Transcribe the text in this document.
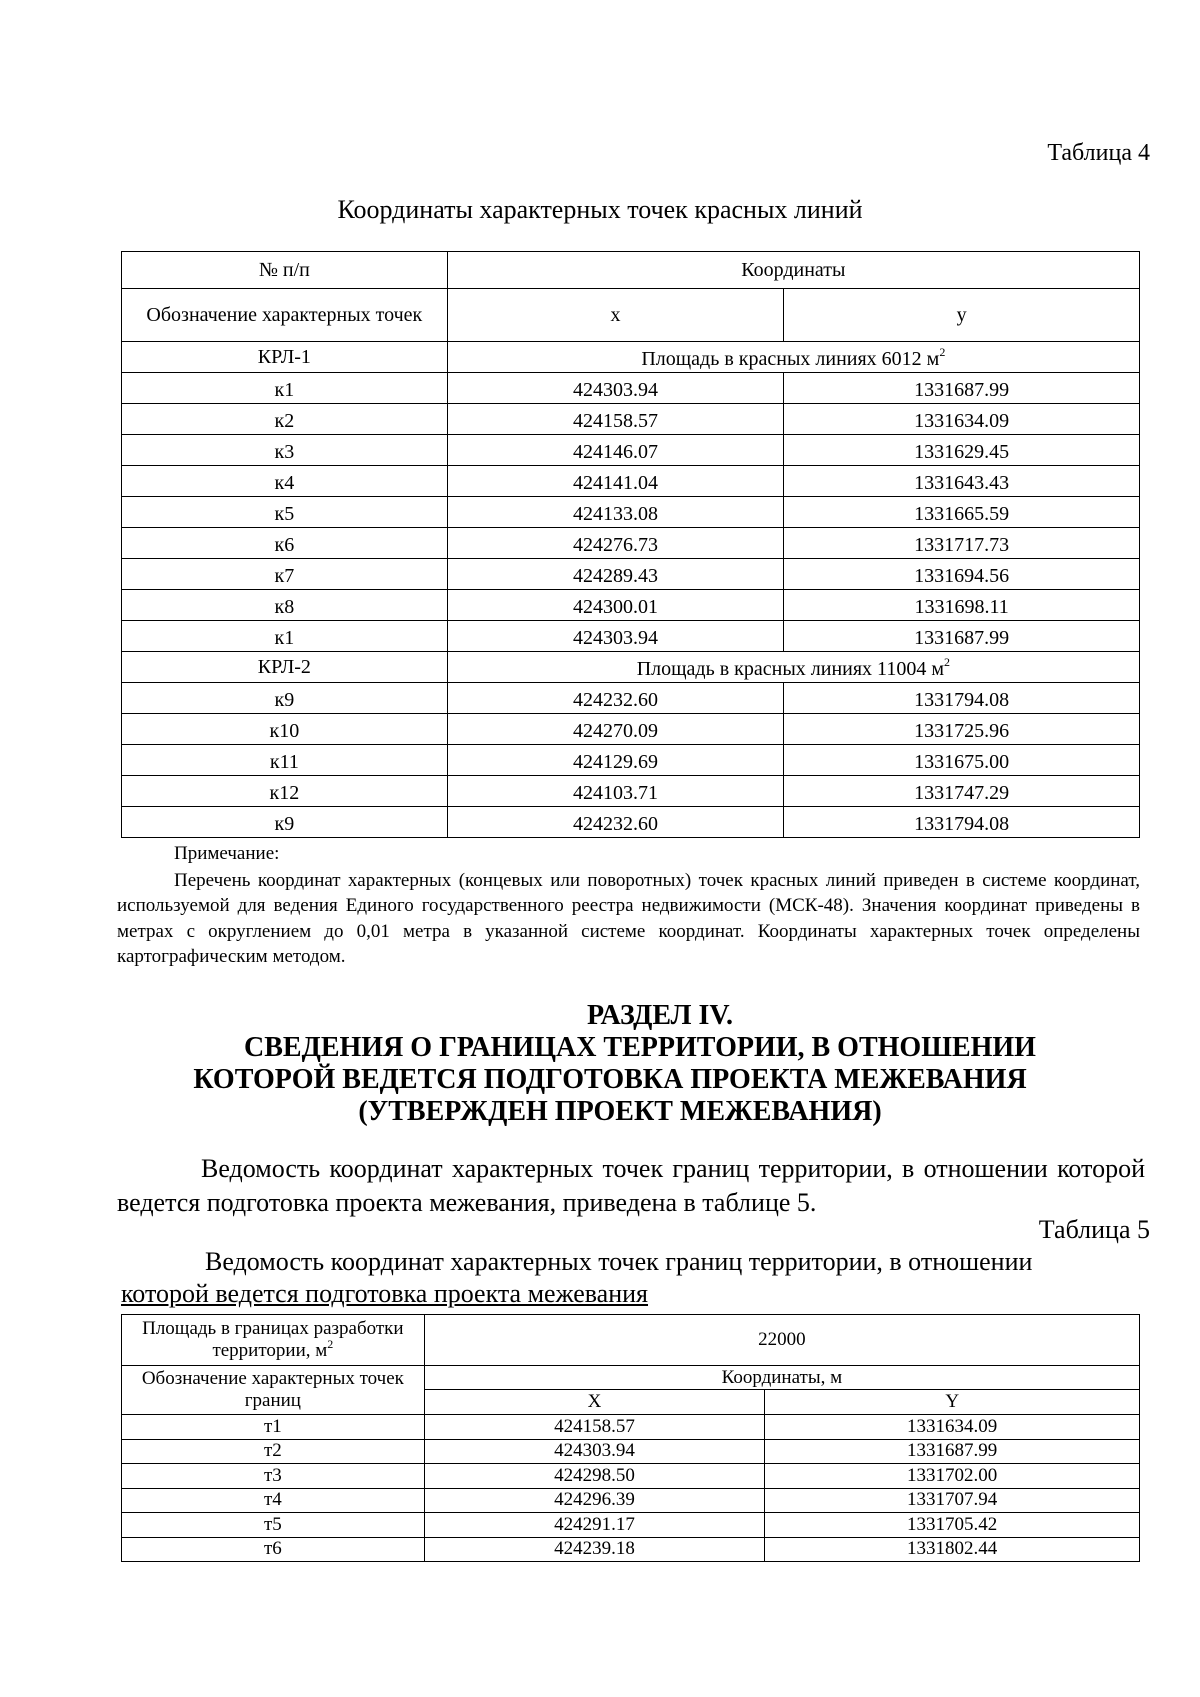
Таблица 4
Координаты характерных точек красных линий
№ п/п	Координаты	
Обозначение характерных точек	x	y
КРЛ-1	Площадь в красных линиях 6012 $м^2$
к1	424303.94	1331687.99
к2	424158.57	1331634.09
к3	424146.07	1331629.45
к4	424141.04	1331643.43
к5	424133.08	1331665.59
к6	424276.73	1331717.73
к7	424289.43	1331694.56
к8	424300.01	1331698.11
к1	424303.94	1331687.99
КРЛ-2	Площадь в красных линиях 11004 $м^2$
к9	424232.60	1331794.08
к10	424270.09	1331725.96
к11	424129.69	1331675.00
к12	424103.71	1331747.29
к9	424232.60	1331794.08
Примечание:
Перечень координат характерных (концевых или поворотных) точек красных линий приведен в системе координат, используемой для ведения Единого государственного реестра недвижимости (МСК-48). Значения координат приведены в метрах с округлением до 0,01 метра в указанной системе координат. Координаты характерных точек определены картографическим методом.
РАЗДЕЛ IV.
СВЕДЕНИЯ О ГРАНИЦАХ ТЕРРИТОРИИ, В ОТНОШЕНИИ
КОТОРОЙ ВЕДЕТСЯ ПОДГОТОВКА ПРОЕКТА МЕЖЕВАНИЯ
(УТВЕРЖДЕН ПРОЕКТ МЕЖЕВАНИЯ)
Ведомость координат характерных точек границ территории, в отношении которой ведется подготовка проекта межевания, приведена в таблице 5.
Таблица 5
Ведомость координат характерных точек границ территории, в отношении
которой ведется подготовка проекта межевания
Площадь в границах разработки территории, $м^2$	22000	
Обозначение характерных точек границ	Координаты, м	
	X	Y
т1	424158.57	1331634.09
т2	424303.94	1331687.99
т3	424298.50	1331702.00
т4	424296.39	1331707.94
т5	424291.17	1331705.42
т6	424239.18	1331802.44
